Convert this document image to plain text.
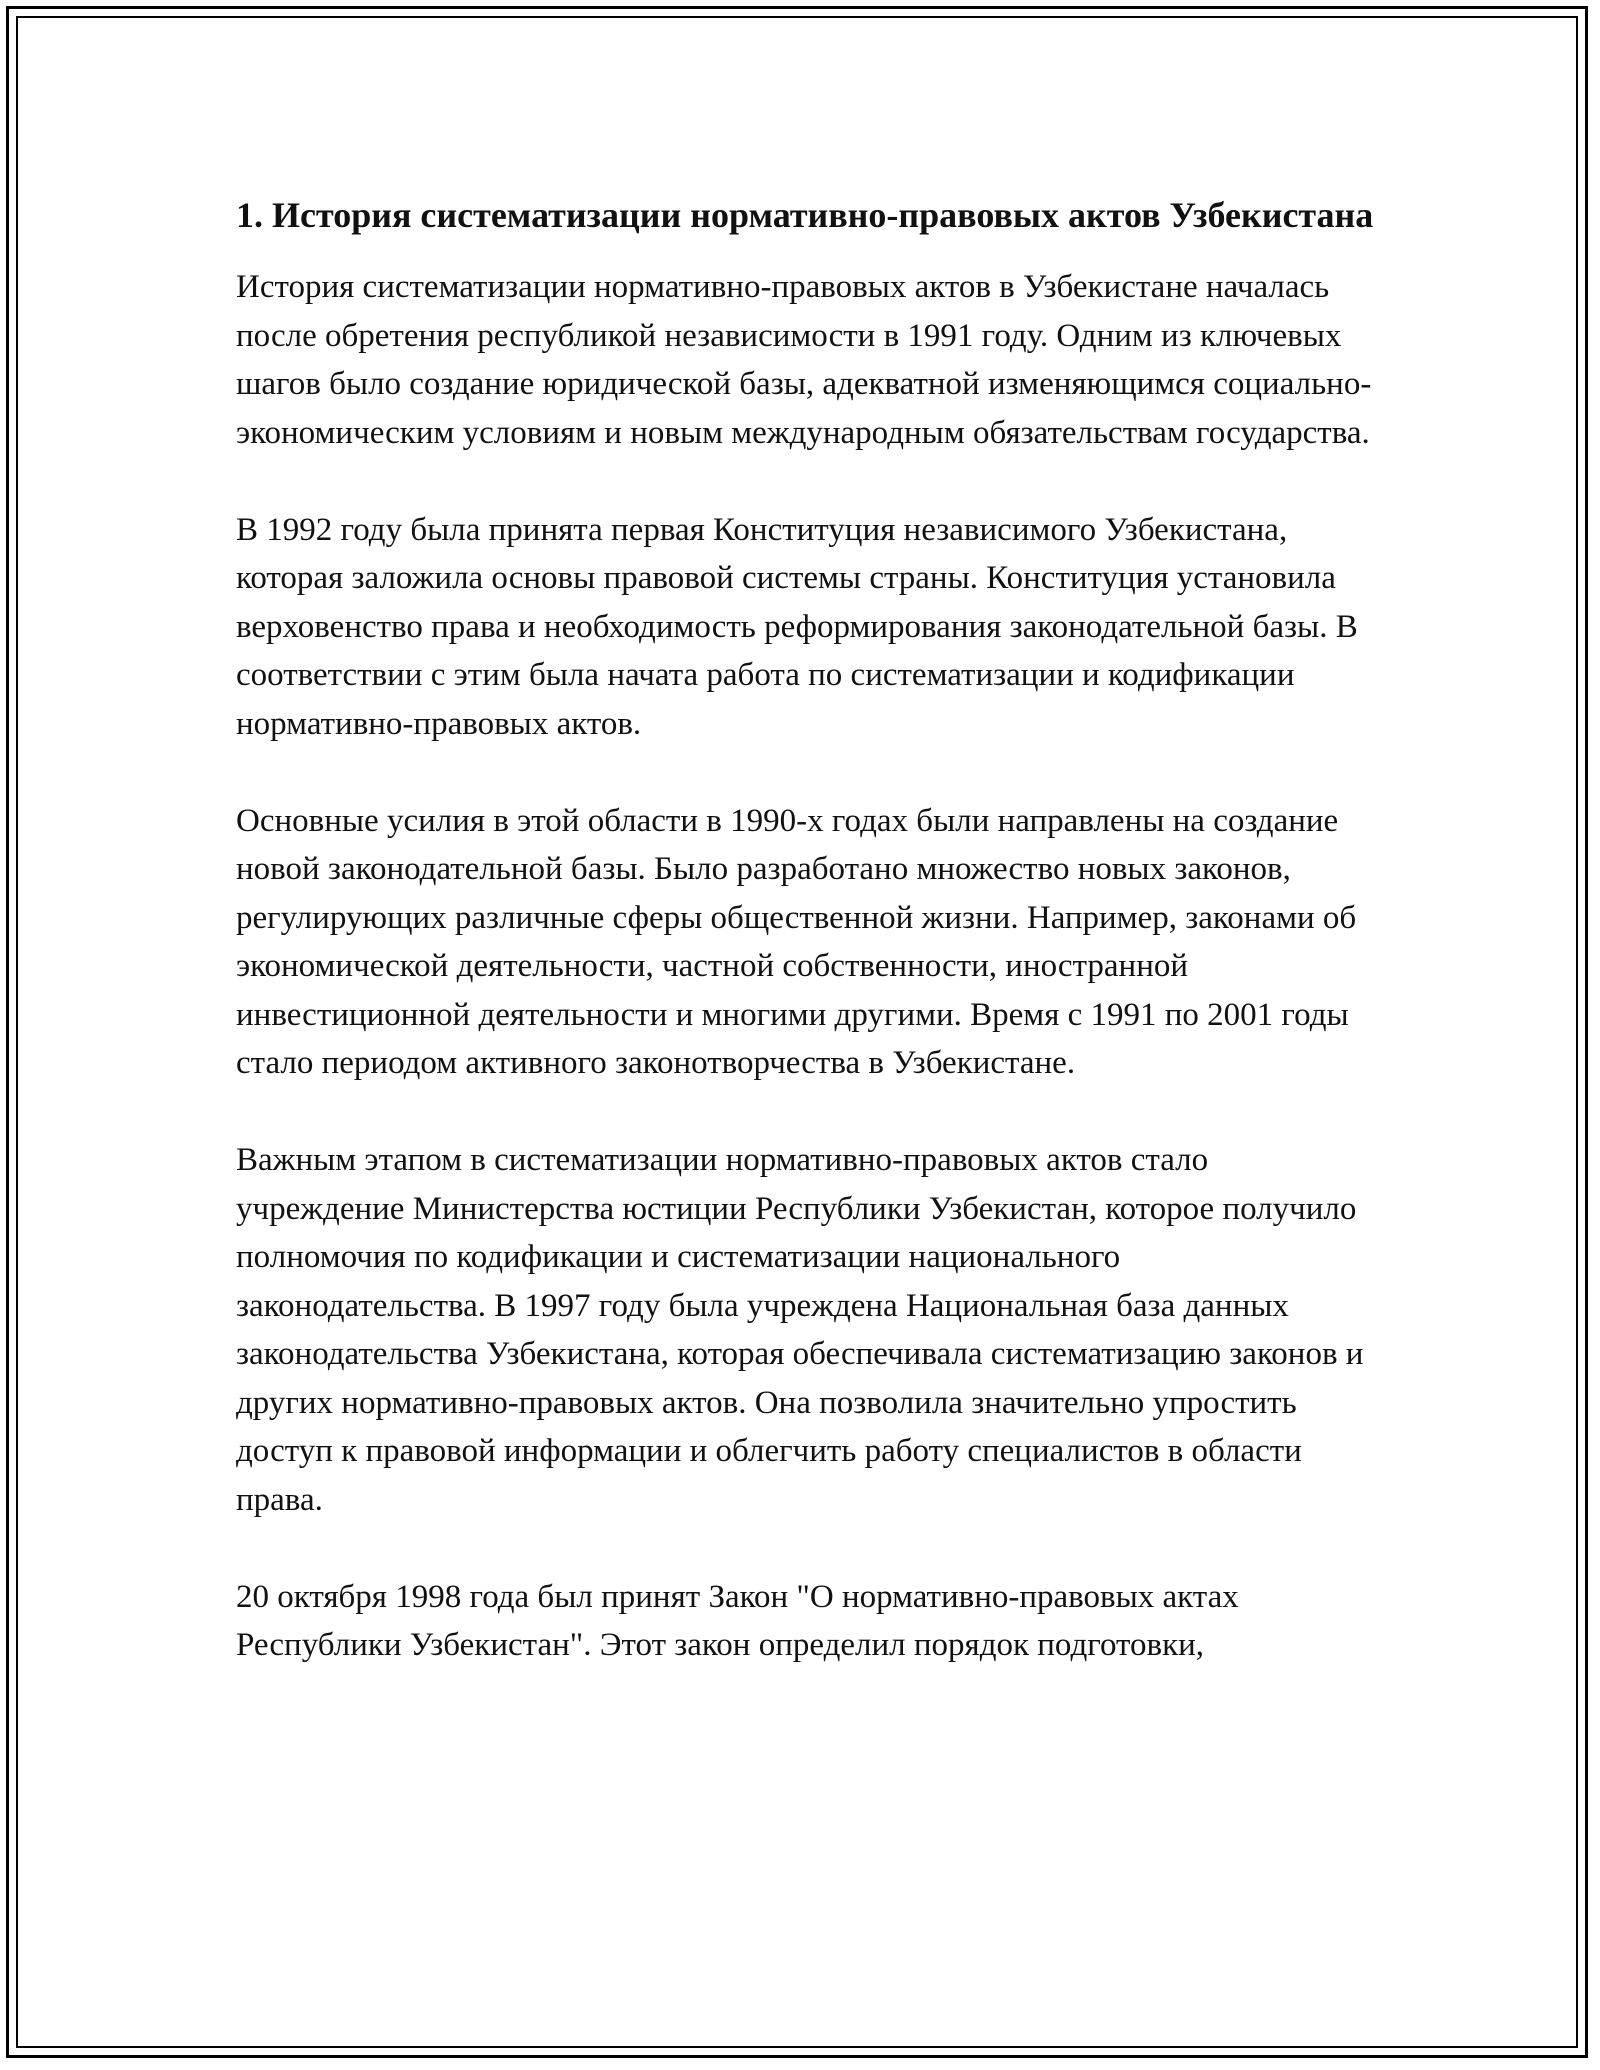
1. История систематизации нормативно-правовых актов Узбекистана

История систематизации нормативно-правовых актов в Узбекистане началась после обретения республикой независимости в 1991 году. Одним из ключевых шагов было создание юридической базы, адекватной изменяющимся социально-экономическим условиям и новым международным обязательствам государства.

В 1992 году была принята первая Конституция независимого Узбекистана, которая заложила основы правовой системы страны. Конституция установила верховенство права и необходимость реформирования законодательной базы. В соответствии с этим была начата работа по систематизации и кодификации нормативно-правовых актов.

Основные усилия в этой области в 1990-х годах были направлены на создание новой законодательной базы. Было разработано множество новых законов, регулирующих различные сферы общественной жизни. Например, законами об экономической деятельности, частной собственности, иностранной инвестиционной деятельности и многими другими. Время с 1991 по 2001 годы стало периодом активного законотворчества в Узбекистане.

Важным этапом в систематизации нормативно-правовых актов стало учреждение Министерства юстиции Республики Узбекистан, которое получило полномочия по кодификации и систематизации национального законодательства. В 1997 году была учреждена Национальная база данных законодательства Узбекистана, которая обеспечивала систематизацию законов и других нормативно-правовых актов. Она позволила значительно упростить доступ к правовой информации и облегчить работу специалистов в области права.

20 октября 1998 года был принят Закон "О нормативно-правовых актах Республики Узбекистан". Этот закон определил порядок подготовки,
